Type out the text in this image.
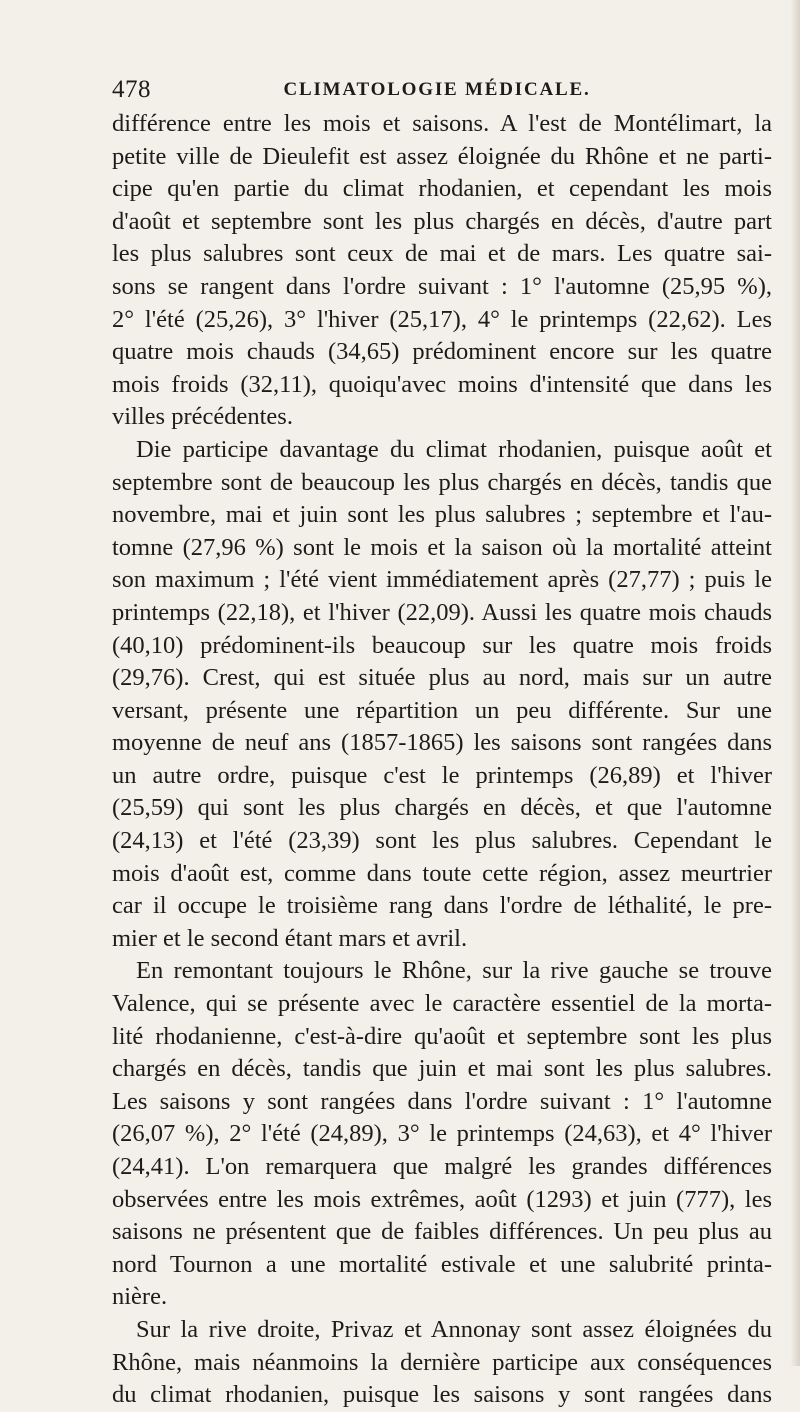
478	CLIMATOLOGIE MÉDICALE.
différence entre les mois et saisons. A l'est de Montélimart, la
petite ville de Dieulefit est assez éloignée du Rhône et ne parti-
cipe qu'en partie du climat rhodanien, et cependant les mois
d'août et septembre sont les plus chargés en décès, d'autre part
les plus salubres sont ceux de mai et de mars. Les quatre sai-
sons se rangent dans l'ordre suivant : 1° l'automne (25,95 %),
2° l'été (25,26), 3° l'hiver (25,17), 4° le printemps (22,62). Les
quatre mois chauds (34,65) prédominent encore sur les quatre
mois froids (32,11), quoiqu'avec moins d'intensité que dans les
villes précédentes.
Die participe davantage du climat rhodanien, puisque août et
septembre sont de beaucoup les plus chargés en décès, tandis que
novembre, mai et juin sont les plus salubres ; septembre et l'au-
tomne (27,96 %) sont le mois et la saison où la mortalité atteint
son maximum ; l'été vient immédiatement après (27,77) ; puis le
printemps (22,18), et l'hiver (22,09). Aussi les quatre mois chauds
(40,10) prédominent-ils beaucoup sur les quatre mois froids
(29,76). Crest, qui est située plus au nord, mais sur un autre
versant, présente une répartition un peu différente. Sur une
moyenne de neuf ans (1857-1865) les saisons sont rangées dans
un autre ordre, puisque c'est le printemps (26,89) et l'hiver
(25,59) qui sont les plus chargés en décès, et que l'automne
(24,13) et l'été (23,39) sont les plus salubres. Cependant le
mois d'août est, comme dans toute cette région, assez meurtrier
car il occupe le troisième rang dans l'ordre de léthalité, le pre-
mier et le second étant mars et avril.
En remontant toujours le Rhône, sur la rive gauche se trouve
Valence, qui se présente avec le caractère essentiel de la morta-
lité rhodanienne, c'est-à-dire qu'août et septembre sont les plus
chargés en décès, tandis que juin et mai sont les plus salubres.
Les saisons y sont rangées dans l'ordre suivant : 1° l'automne
(26,07 %), 2° l'été (24,89), 3° le printemps (24,63), et 4° l'hiver
(24,41). L'on remarquera que malgré les grandes différences
observées entre les mois extrêmes, août (1293) et juin (777), les
saisons ne présentent que de faibles différences. Un peu plus au
nord Tournon a une mortalité estivale et une salubrité printa-
nière.
Sur la rive droite, Privaz et Annonay sont assez éloignées du
Rhône, mais néanmoins la dernière participe aux conséquences
du climat rhodanien, puisque les saisons y sont rangées dans
